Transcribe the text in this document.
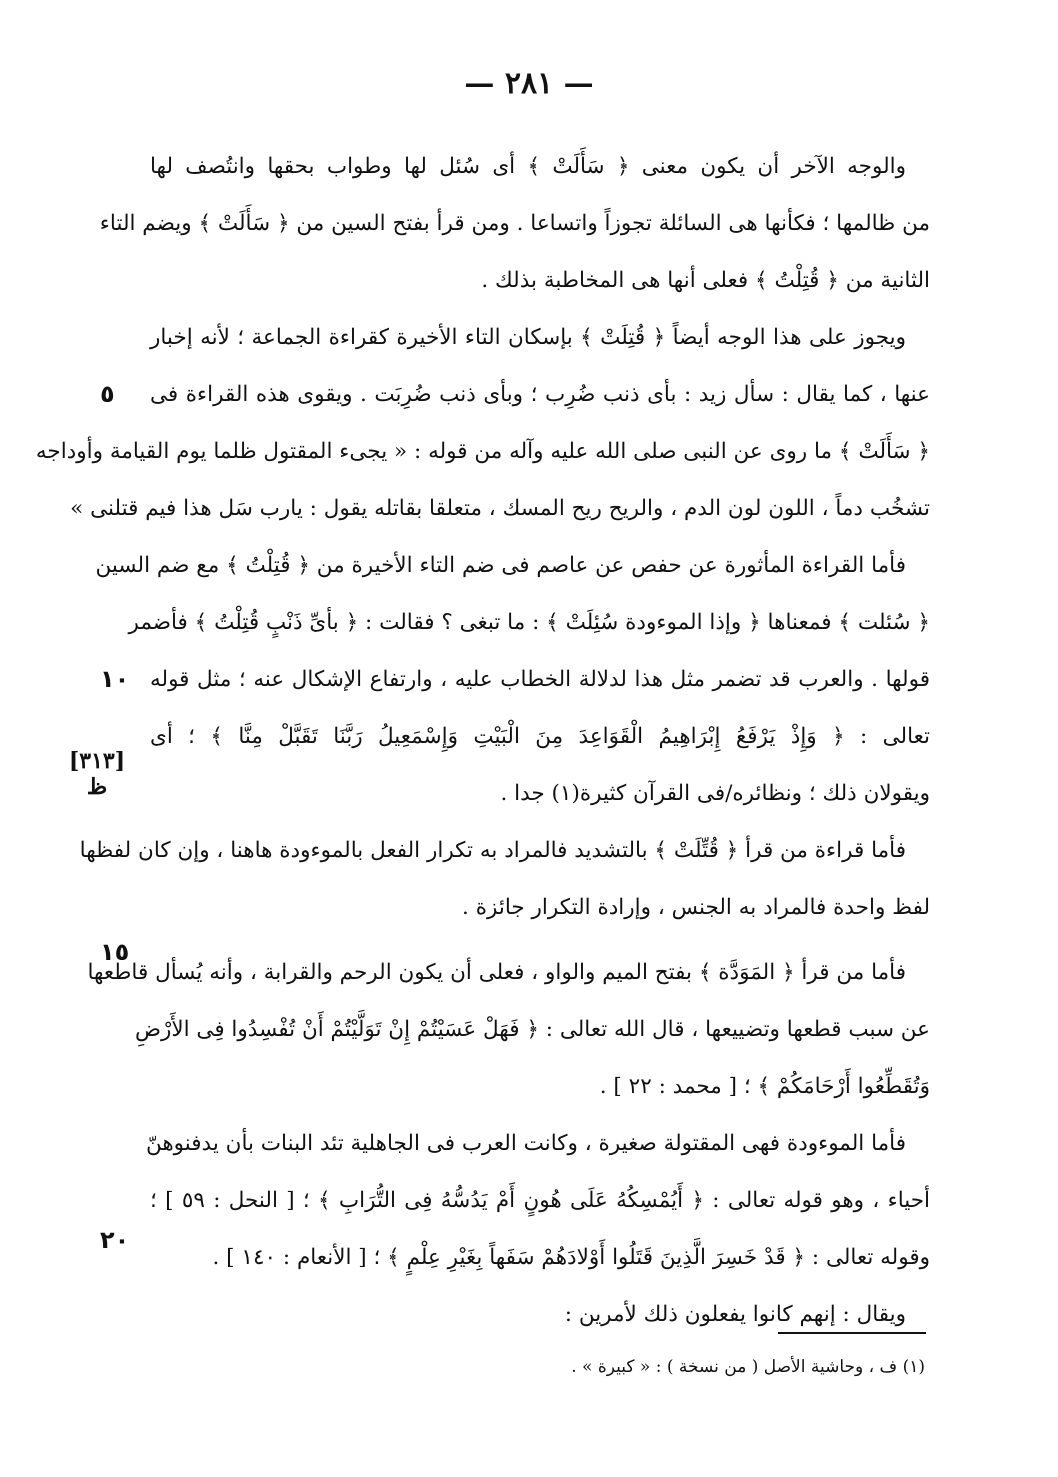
— ٢٨١ —
والوجه الآخر أن يكون معنى ﴿ سَأَلَتْ ﴾ أى سُئل لها وطواب بحقها وانتُصف لها
من ظالمها ؛ فكأنها هى السائلة تجوزاً واتساعا . ومن قرأ بفتح السين من ﴿ سَأَلَتْ ﴾ ويضم التاء
الثانية من ﴿ قُتِلْتُ ﴾ فعلى أنها هى المخاطبة بذلك .
ويجوز على هذا الوجه أيضاً ﴿ قُتِلَتْ ﴾ بإسكان التاء الأخيرة كقراءة الجماعة ؛ لأنه إخبار
عنها ، كما يقال : سأل زيد : بأى ذنب ضُرِب ؛ وبأى ذنب ضُرِبَت . ويقوى هذه القراءة فى
﴿ سَأَلَتْ ﴾ ما روى عن النبى صلى الله عليه وآله من قوله : « يجىء المقتول ظلما يوم القيامة وأوداجه
تشخُب دماً ، اللون لون الدم ، والريح ريح المسك ، متعلقا بقاتله يقول : يارب سَل هذا فيم قتلنى »
فأما القراءة المأثورة عن حفص عن عاصم فى ضم التاء الأخيرة من ﴿ قُتِلْتُ ﴾ مع ضم السين
﴿ سُئلت ﴾ فمعناها ﴿ وإذا الموءودة سُئِلَتْ ﴾ : ما تبغى ؟ فقالت : ﴿ بأىِّ ذَنْبٍ قُتِلْتُ ﴾ فأضمر
قولها . والعرب قد تضمر مثل هذا لدلالة الخطاب عليه ، وارتفاع الإشكال عنه ؛ مثل قوله
تعالى : ﴿ وَإِذْ يَرْفَعُ إِبْرَاهِيمُ الْقَوَاعِدَ مِنَ الْبَيْتِ وَإِسْمَعِيلُ رَبَّنَا تَقَبَّلْ مِنَّا ﴾ ؛ أى
ويقولان ذلك ؛ ونظائره/فى القرآن كثيرة(١) جدا .
فأما قراءة من قرأ ﴿ قُتِّلَتْ ﴾ بالتشديد فالمراد به تكرار الفعل بالموءودة هاهنا ، وإن كان لفظها
لفظ واحدة فالمراد به الجنس ، وإرادة التكرار جائزة .
فأما من قرأ ﴿ المَوَدَّة ﴾ بفتح الميم والواو ، فعلى أن يكون الرحم والقرابة ، وأنه يُسأل قاطعها
عن سبب قطعها وتضييعها ، قال الله تعالى : ﴿ فَهَلْ عَسَيْتُمْ إِنْ تَوَلَّيْتُمْ أَنْ تُفْسِدُوا فِى الأَرْضِ
وَتُقَطِّعُوا أَرْحَامَكُمْ ﴾ ؛ [ محمد : ٢٢ ] .
فأما الموءودة فهى المقتولة صغيرة ، وكانت العرب فى الجاهلية تئد البنات بأن يدفنوهنّ
أحياء ، وهو قوله تعالى : ﴿ أَيُمْسِكُهُ عَلَى هُونٍ أَمْ يَدُسُّهُ فِى التُّرَابِ ﴾ ؛ [ النحل : ٥٩ ] ؛
وقوله تعالى : ﴿ قَدْ خَسِرَ الَّذِينَ قَتَلُوا أَوْلادَهُمْ سَفَهاً بِغَيْرِ عِلْمٍ ﴾ ؛ [ الأنعام : ١٤٠ ] .
ويقال : إنهم كانوا يفعلون ذلك لأمرين :
٥
١٠
١٥
٢٠
[٣١٣]
ظ
(١) ف ، وحاشية الأصل ( من نسخة ) : « كبيرة » .
